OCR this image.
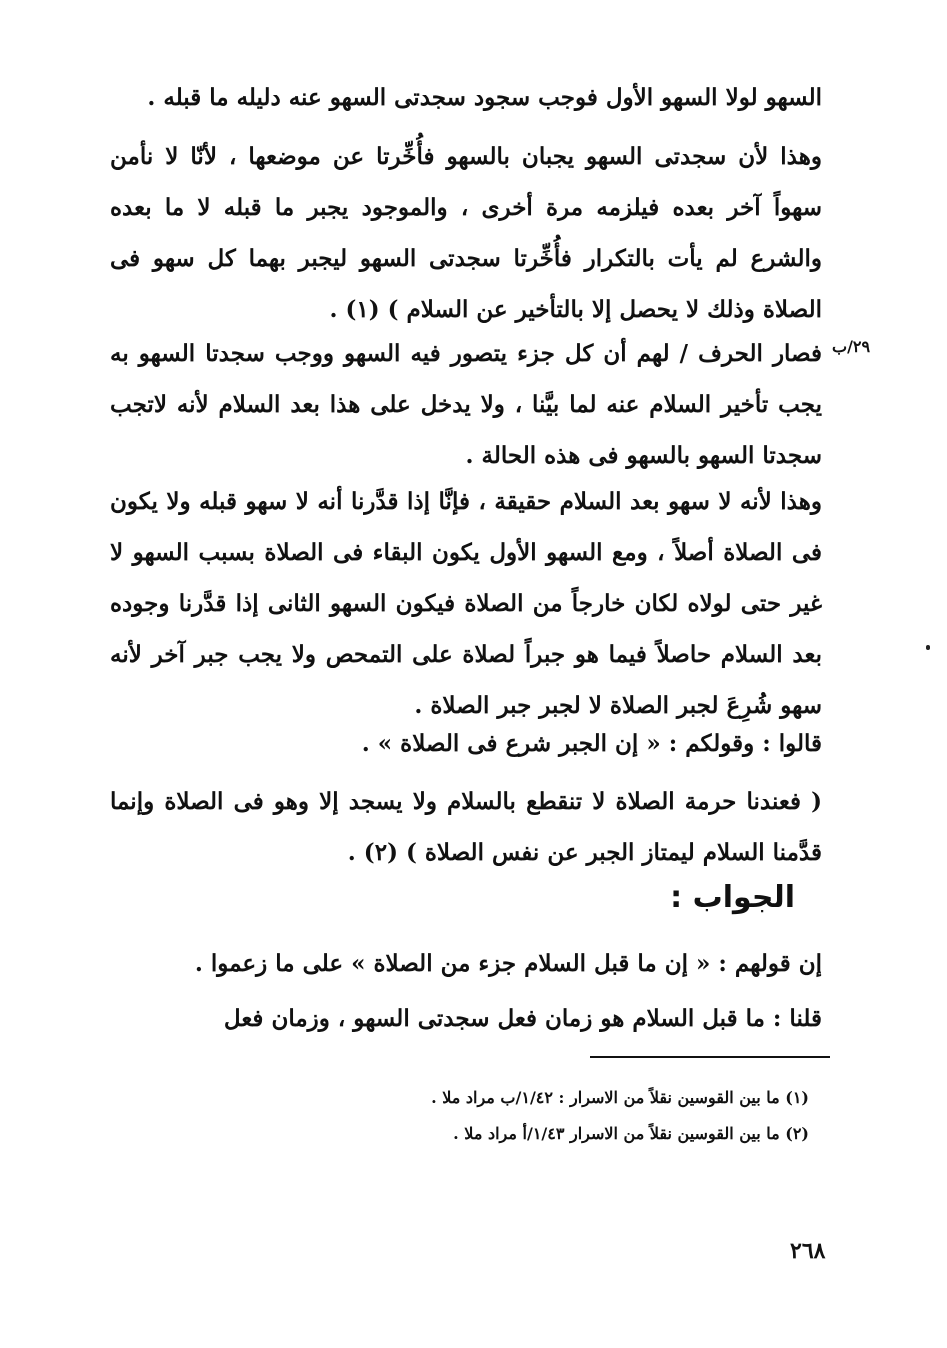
السهو لولا السهو الأول فوجب سجود سجدتى السهو عنه دليله ما قبله .
وهذا لأن سجدتى السهو يجبان بالسهو فأُخِّرتا عن موضعها ، لأنّا لا نأمن سهواً آخر بعده فيلزمه مرة أخرى ، والموجود يجبر ما قبله لا ما بعده والشرع لم يأت بالتكرار فأُخِّرتا سجدتى السهو ليجبر بهما كل سهو فى الصلاة وذلك لا يحصل إلا بالتأخير عن السلام ) (١) .
٢٩/ب
فصار الحرف / لهم أن كل جزء يتصور فيه السهو ووجب سجدتا السهو به يجب تأخير السلام عنه لما بيَّنا ، ولا يدخل على هذا بعد السلام لأنه لاتجب سجدتا السهو بالسهو فى هذه الحالة .
وهذا لأنه لا سهو بعد السلام حقيقة ، فإنَّا إذا قدَّرنا أنه لا سهو قبله ولا يكون فى الصلاة أصلاً ، ومع السهو الأول يكون البقاء فى الصلاة بسبب السهو لا غير حتى لولاه لكان خارجاً من الصلاة فيكون السهو الثانى إذا قدَّرنا وجوده بعد السلام حاصلاً فيما هو جبراً لصلاة على التمحص ولا يجب جبر آخر لأنه سهو شُرِعَ لجبر الصلاة لا لجبر جبر الصلاة .
قالوا : وقولكم : « إن الجبر شرع فى الصلاة » .
( فعندنا حرمة الصلاة لا تنقطع بالسلام ولا يسجد إلا وهو فى الصلاة وإنما قدَّمنا السلام ليمتاز الجبر عن نفس الصلاة ) (٢) .
الجواب :
إن قولهم : « إن ما قبل السلام جزء من الصلاة » على ما زعموا .
قلنا : ما قبل السلام هو زمان فعل سجدتى السهو ، وزمان فعل
(١) ما بين القوسين نقلاً من الاسرار : ١/٤٢/ب مراد ملا .
(٢) ما بين القوسين نقلاً من الاسرار ١/٤٣/أ مراد ملا .
٢٦٨
